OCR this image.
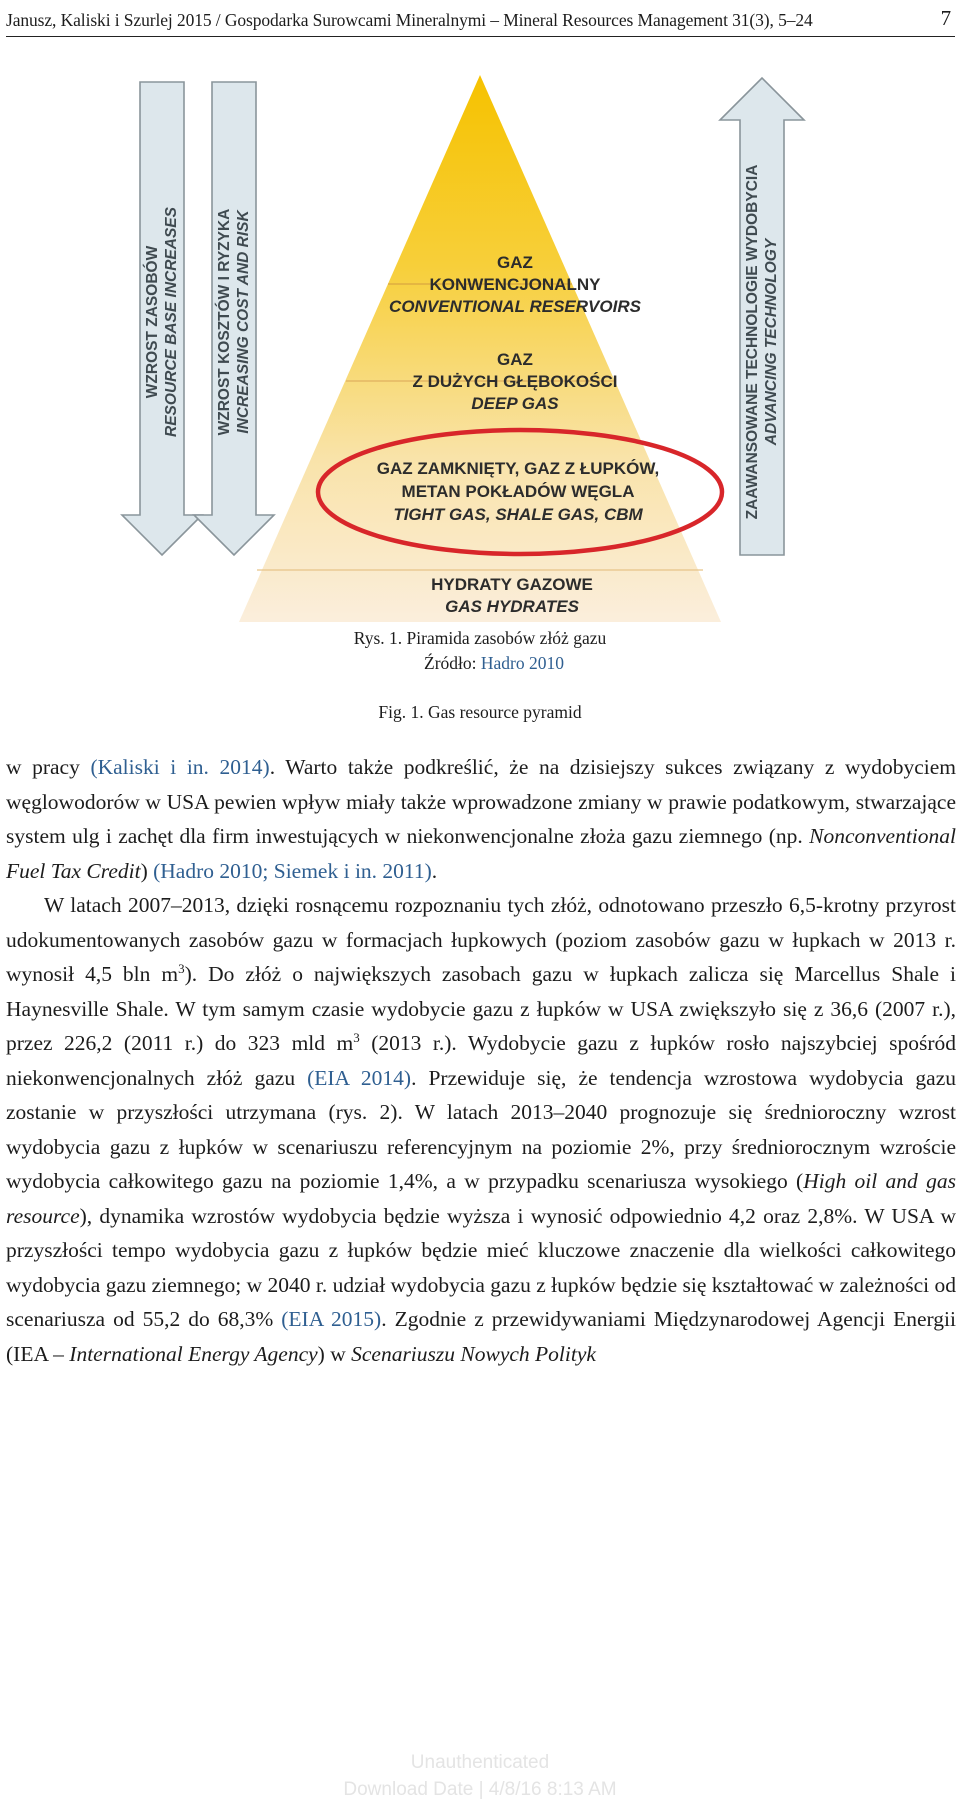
Janusz, Kaliski i Szurlej 2015 / Gospodarka Surowcami Mineralnymi – Mineral Resources Management 31(3), 5–24	7
WZROST ZASOBÓW RESOURCE BASE INCREASES WZROST KOSZTÓW I RYZYKA INCREASING COST AND RISK	ZAAWANSOWANE TECHNOLOGIE WYDOBYCIA ADVANCING TECHNOLOGY
GAZ
KONWENCJONALNY
CONVENTIONAL RESERVOIRS
GAZ
Z DUŻYCH GŁĘBOKOŚCI
DEEP GAS
GAZ ZAMKNIĘTY, GAZ Z ŁUPKÓW,
METAN POKŁADÓW WĘGLA
TIGHT GAS, SHALE GAS, CBM
HYDRATY GAZOWE
GAS HYDRATES
Rys. 1. Piramida zasobów złóż gazu
Źródło: Hadro 2010
Fig. 1. Gas resource pyramid

w pracy (Kaliski i in. 2014). Warto także podkreślić, że na dzisiejszy sukces związany z wydobyciem węglowodorów w USA pewien wpływ miały także wprowadzone zmiany w prawie podatkowym, stwarzające system ulg i zachęt dla firm inwestujących w niekonwencjonalne złoża gazu ziemnego (np. Nonconventional Fuel Tax Credit) (Hadro 2010; Siemek i in. 2011).

W latach 2007–2013, dzięki rosnącemu rozpoznaniu tych złóż, odnotowano przeszło 6,5-krotny przyrost udokumentowanych zasobów gazu w formacjach łupkowych (poziom zasobów gazu w łupkach w 2013 r. wynosił 4,5 bln $m^3$). Do złóż o największych zasobach gazu w łupkach zalicza się Marcellus Shale i Haynesville Shale. W tym samym czasie wydobycie gazu z łupków w USA zwiększyło się z 36,6 (2007 r.), przez 226,2 (2011 r.) do 323 mld $m^3$ (2013 r.). Wydobycie gazu z łupków rosło najszybciej spośród niekonwencjonalnych złóż gazu (EIA 2014). Przewiduje się, że tendencja wzrostowa wydobycia gazu zostanie w przyszłości utrzymana (rys. 2). W latach 2013–2040 prognozuje się średnioroczny wzrost wydobycia gazu z łupków w scenariuszu referencyjnym na poziomie 2%, przy średniorocznym wzroście wydobycia całkowitego gazu na poziomie 1,4%, a w przypadku scenariusza wysokiego (High oil and gas resource), dynamika wzrostów wydobycia będzie wyższa i wynosić odpowiednio 4,2 oraz 2,8%. W USA w przyszłości tempo wydobycia gazu z łupków będzie mieć kluczowe znaczenie dla wielkości całkowitego wydobycia gazu ziemnego; w 2040 r. udział wydobycia gazu z łupków będzie się kształtować w zależności od scenariusza od 55,2 do 68,3% (EIA 2015). Zgodnie z przewidywaniami Międzynarodowej Agencji Energii (IEA – International Energy Agency) w Scenariuszu Nowych Polityk

Unauthenticated
Download Date | 4/8/16 8:13 AM
